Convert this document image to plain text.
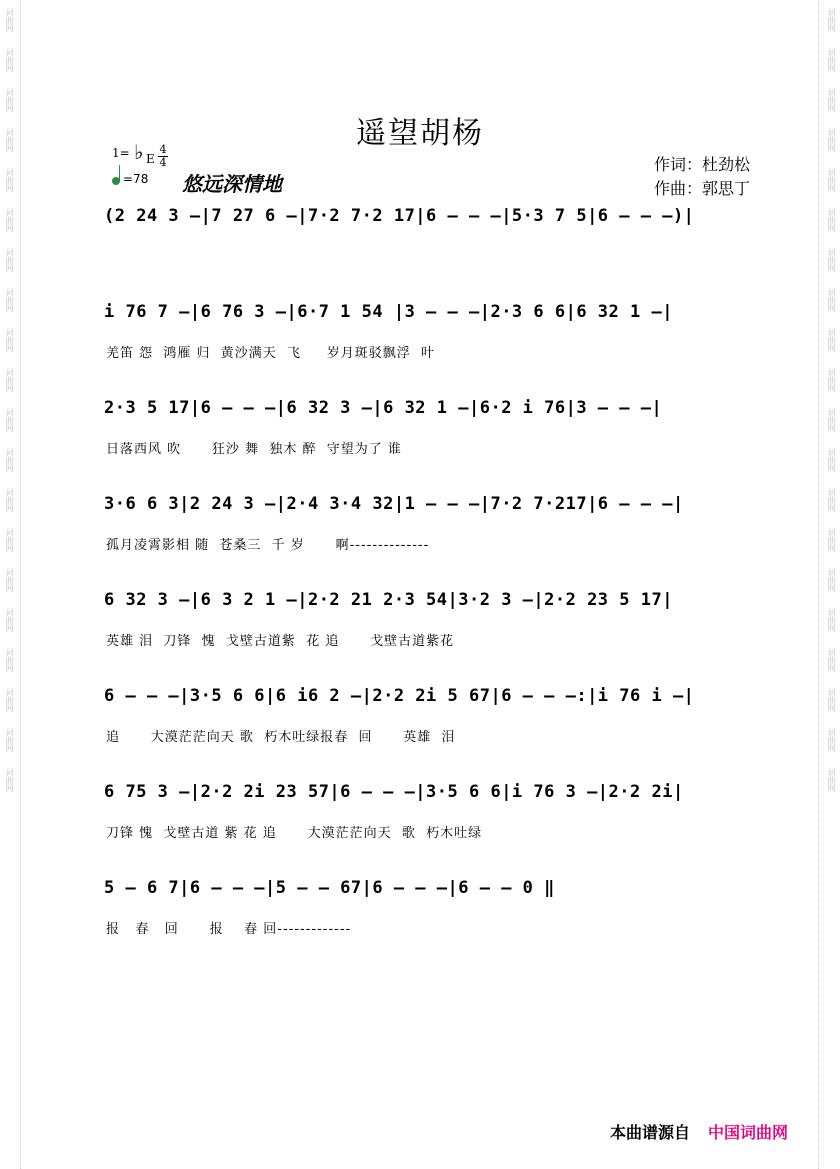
词曲网
词曲网
词曲网
词曲网
词曲网
词曲网
词曲网
词曲网
词曲网
词曲网
词曲网
词曲网
词曲网
词曲网
词曲网
词曲网
词曲网
词曲网
词曲网
词曲网
词曲网
词曲网
词曲网
词曲网
词曲网
词曲网
词曲网
词曲网
词曲网
词曲网
词曲网
词曲网
词曲网
词曲网
词曲网
词曲网
词曲网
词曲网
词曲网
词曲网
遥望胡杨
1= ♭ E
4
4
=78 悠远深情地
作词：杜劲松
作曲：郭思丁
(2 24 3 –|7 27 6 –|7·2 7·2 17|6 – – –|5·3 7 5|6 – – –)|
i 76 7 –|6 76 3 –|6·7 1 54 |3 – – –|2·3 6 6|6 32 1 –|
羌笛 怨  鸿雁 归  黄沙满天  飞     岁月斑驳飘浮  叶
2·3 5 17|6 – – –|6 32 3 –|6 32 1 –|6·2 i 76|3 – – –|
日落西风 吹      狂沙 舞  独木 醉  守望为了 谁
3·6 6 3|2 24 3 –|2·4 3·4 32|1 – – –|7·2 7·217|6 – – –|
孤月凌霄影相 随  苍桑三  千 岁      啊--------------
6 32 3 –|6 3 2 1 –|2·2 21 2·3 54|3·2 3 –|2·2 23 5 17|
英雄 泪  刀锋  愧  戈壁古道紫  花 追      戈壁古道紫花
6 – – –|3·5 6 6|6 i6 2 –|2·2 2i 5 67|6 – – –:|i 76 i –|
追      大漠茫茫向天 歌  朽木吐绿报春  回      英雄  泪
6 75 3 –|2·2 2i 23 57|6 – – –|3·5 6 6|i 76 3 –|2·2 2i|
刀锋 愧  戈壁古道 紫 花 追      大漠茫茫向天  歌  朽木吐绿
5 – 6 7|6 – – –|5 – – 67|6 – – –|6 – – 0 ‖
报   春   回      报    春 回-------------
本曲谱源自 中国词曲网
